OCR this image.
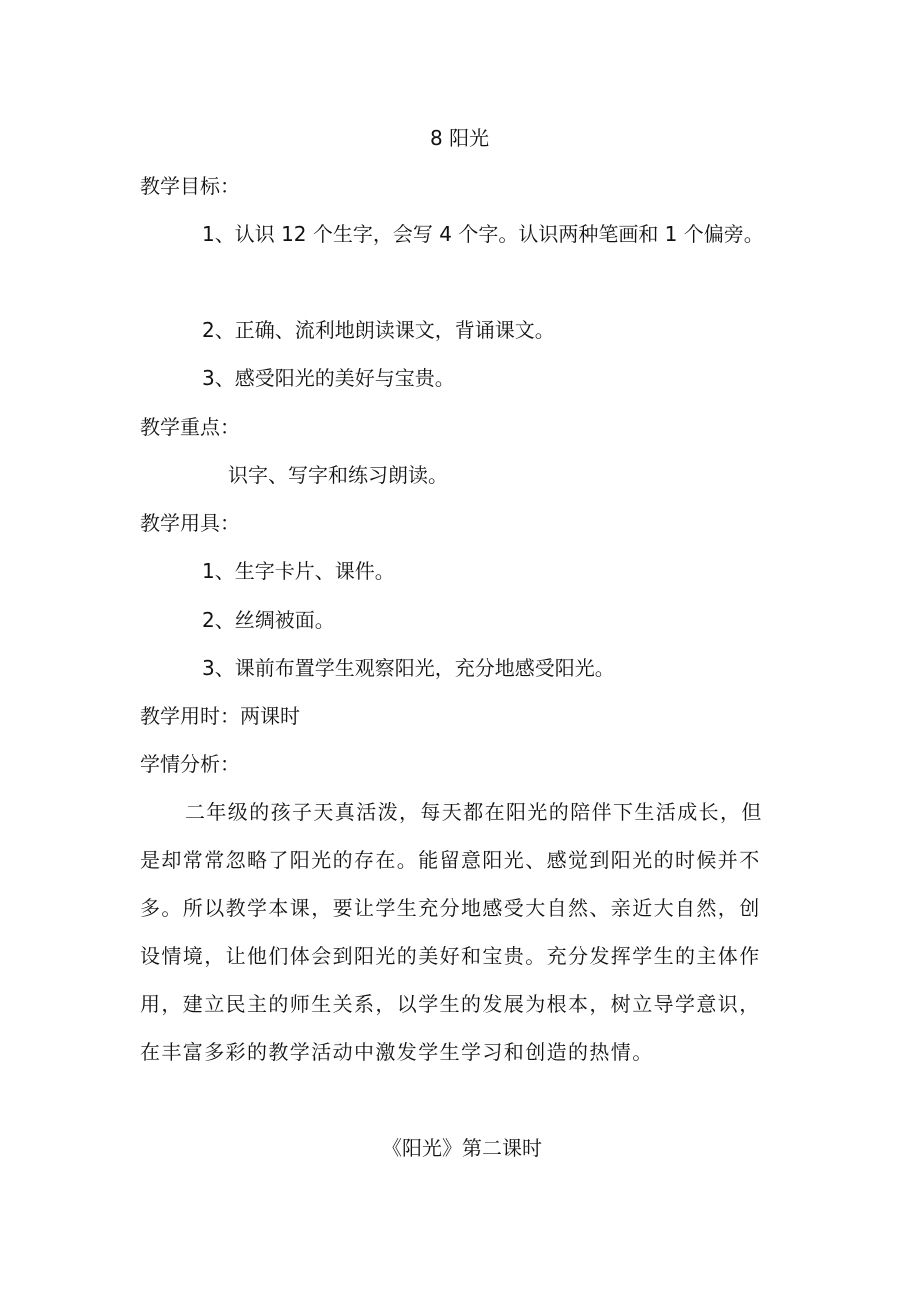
8 阳光
教学目标：
1、认识 12 个生字，会写 4 个字。认识两种笔画和 1 个偏旁。
2、正确、流利地朗读课文，背诵课文。
3、感受阳光的美好与宝贵。
教学重点：
识字、写字和练习朗读。
教学用具：
1、生字卡片、课件。
2、丝绸被面。
3、课前布置学生观察阳光，充分地感受阳光。
教学用时：两课时
学情分析：
二年级的孩子天真活泼，每天都在阳光的陪伴下生活成长，但
是却常常忽略了阳光的存在。能留意阳光、感觉到阳光的时候并不
多。所以教学本课，要让学生充分地感受大自然、亲近大自然，创
设情境，让他们体会到阳光的美好和宝贵。充分发挥学生的主体作
用，建立民主的师生关系，以学生的发展为根本，树立导学意识，
在丰富多彩的教学活动中激发学生学习和创造的热情。
《阳光》第二课时
